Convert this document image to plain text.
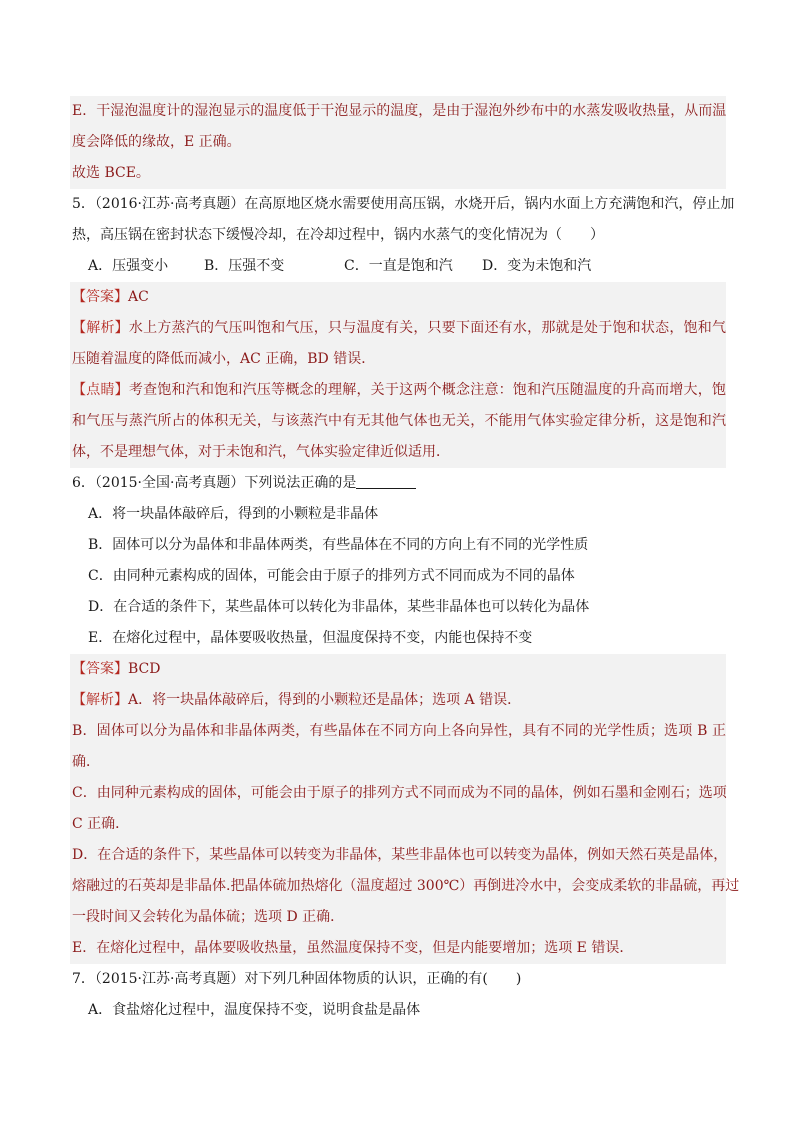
E．干湿泡温度计的湿泡显示的温度低于干泡显示的温度，是由于湿泡外纱布中的水蒸发吸收热量，从而温
度会降低的缘故，E 正确。
故选 BCE。
5．（2016·江苏·高考真题）在高原地区烧水需要使用高压锅，水烧开后，锅内水面上方充满饱和汽，停止加
热，高压锅在密封状态下缓慢冷却，在冷却过程中，锅内水蒸气的变化情况为（　　）
A．压强变小	B．压强不变	C．一直是饱和汽	D．变为未饱和汽
【答案】AC
【解析】水上方蒸汽的气压叫饱和气压，只与温度有关，只要下面还有水，那就是处于饱和状态，饱和气
压随着温度的降低而减小，AC 正确，BD 错误．
【点睛】考查饱和汽和饱和汽压等概念的理解，关于这两个概念注意：饱和汽压随温度的升高而增大，饱
和气压与蒸汽所占的体积无关，与该蒸汽中有无其他气体也无关，不能用气体实验定律分析，这是饱和汽
体，不是理想气体，对于未饱和汽，气体实验定律近似适用．
6．（2015·全国·高考真题）下列说法正确的是
A．将一块晶体敲碎后，得到的小颗粒是非晶体
B．固体可以分为晶体和非晶体两类，有些晶体在不同的方向上有不同的光学性质
C．由同种元素构成的固体，可能会由于原子的排列方式不同而成为不同的晶体
D．在合适的条件下，某些晶体可以转化为非晶体，某些非晶体也可以转化为晶体
E．在熔化过程中，晶体要吸收热量，但温度保持不变，内能也保持不变
【答案】BCD
【解析】A．将一块晶体敲碎后，得到的小颗粒还是晶体；选项 A 错误．
B．固体可以分为晶体和非晶体两类，有些晶体在不同方向上各向异性，具有不同的光学性质；选项 B 正
确．
C．由同种元素构成的固体，可能会由于原子的排列方式不同而成为不同的晶体，例如石墨和金刚石；选项
C 正确．
D．在合适的条件下，某些晶体可以转变为非晶体，某些非晶体也可以转变为晶体，例如天然石英是晶体，
熔融过的石英却是非晶体.把晶体硫加热熔化（温度超过 300℃）再倒进冷水中，会变成柔软的非晶硫，再过
一段时间又会转化为晶体硫；选项 D 正确．
E．在熔化过程中，晶体要吸收热量，虽然温度保持不变，但是内能要增加；选项 E 错误．
7．（2015·江苏·高考真题）对下列几种固体物质的认识，正确的有(　　)
A．食盐熔化过程中，温度保持不变，说明食盐是晶体
